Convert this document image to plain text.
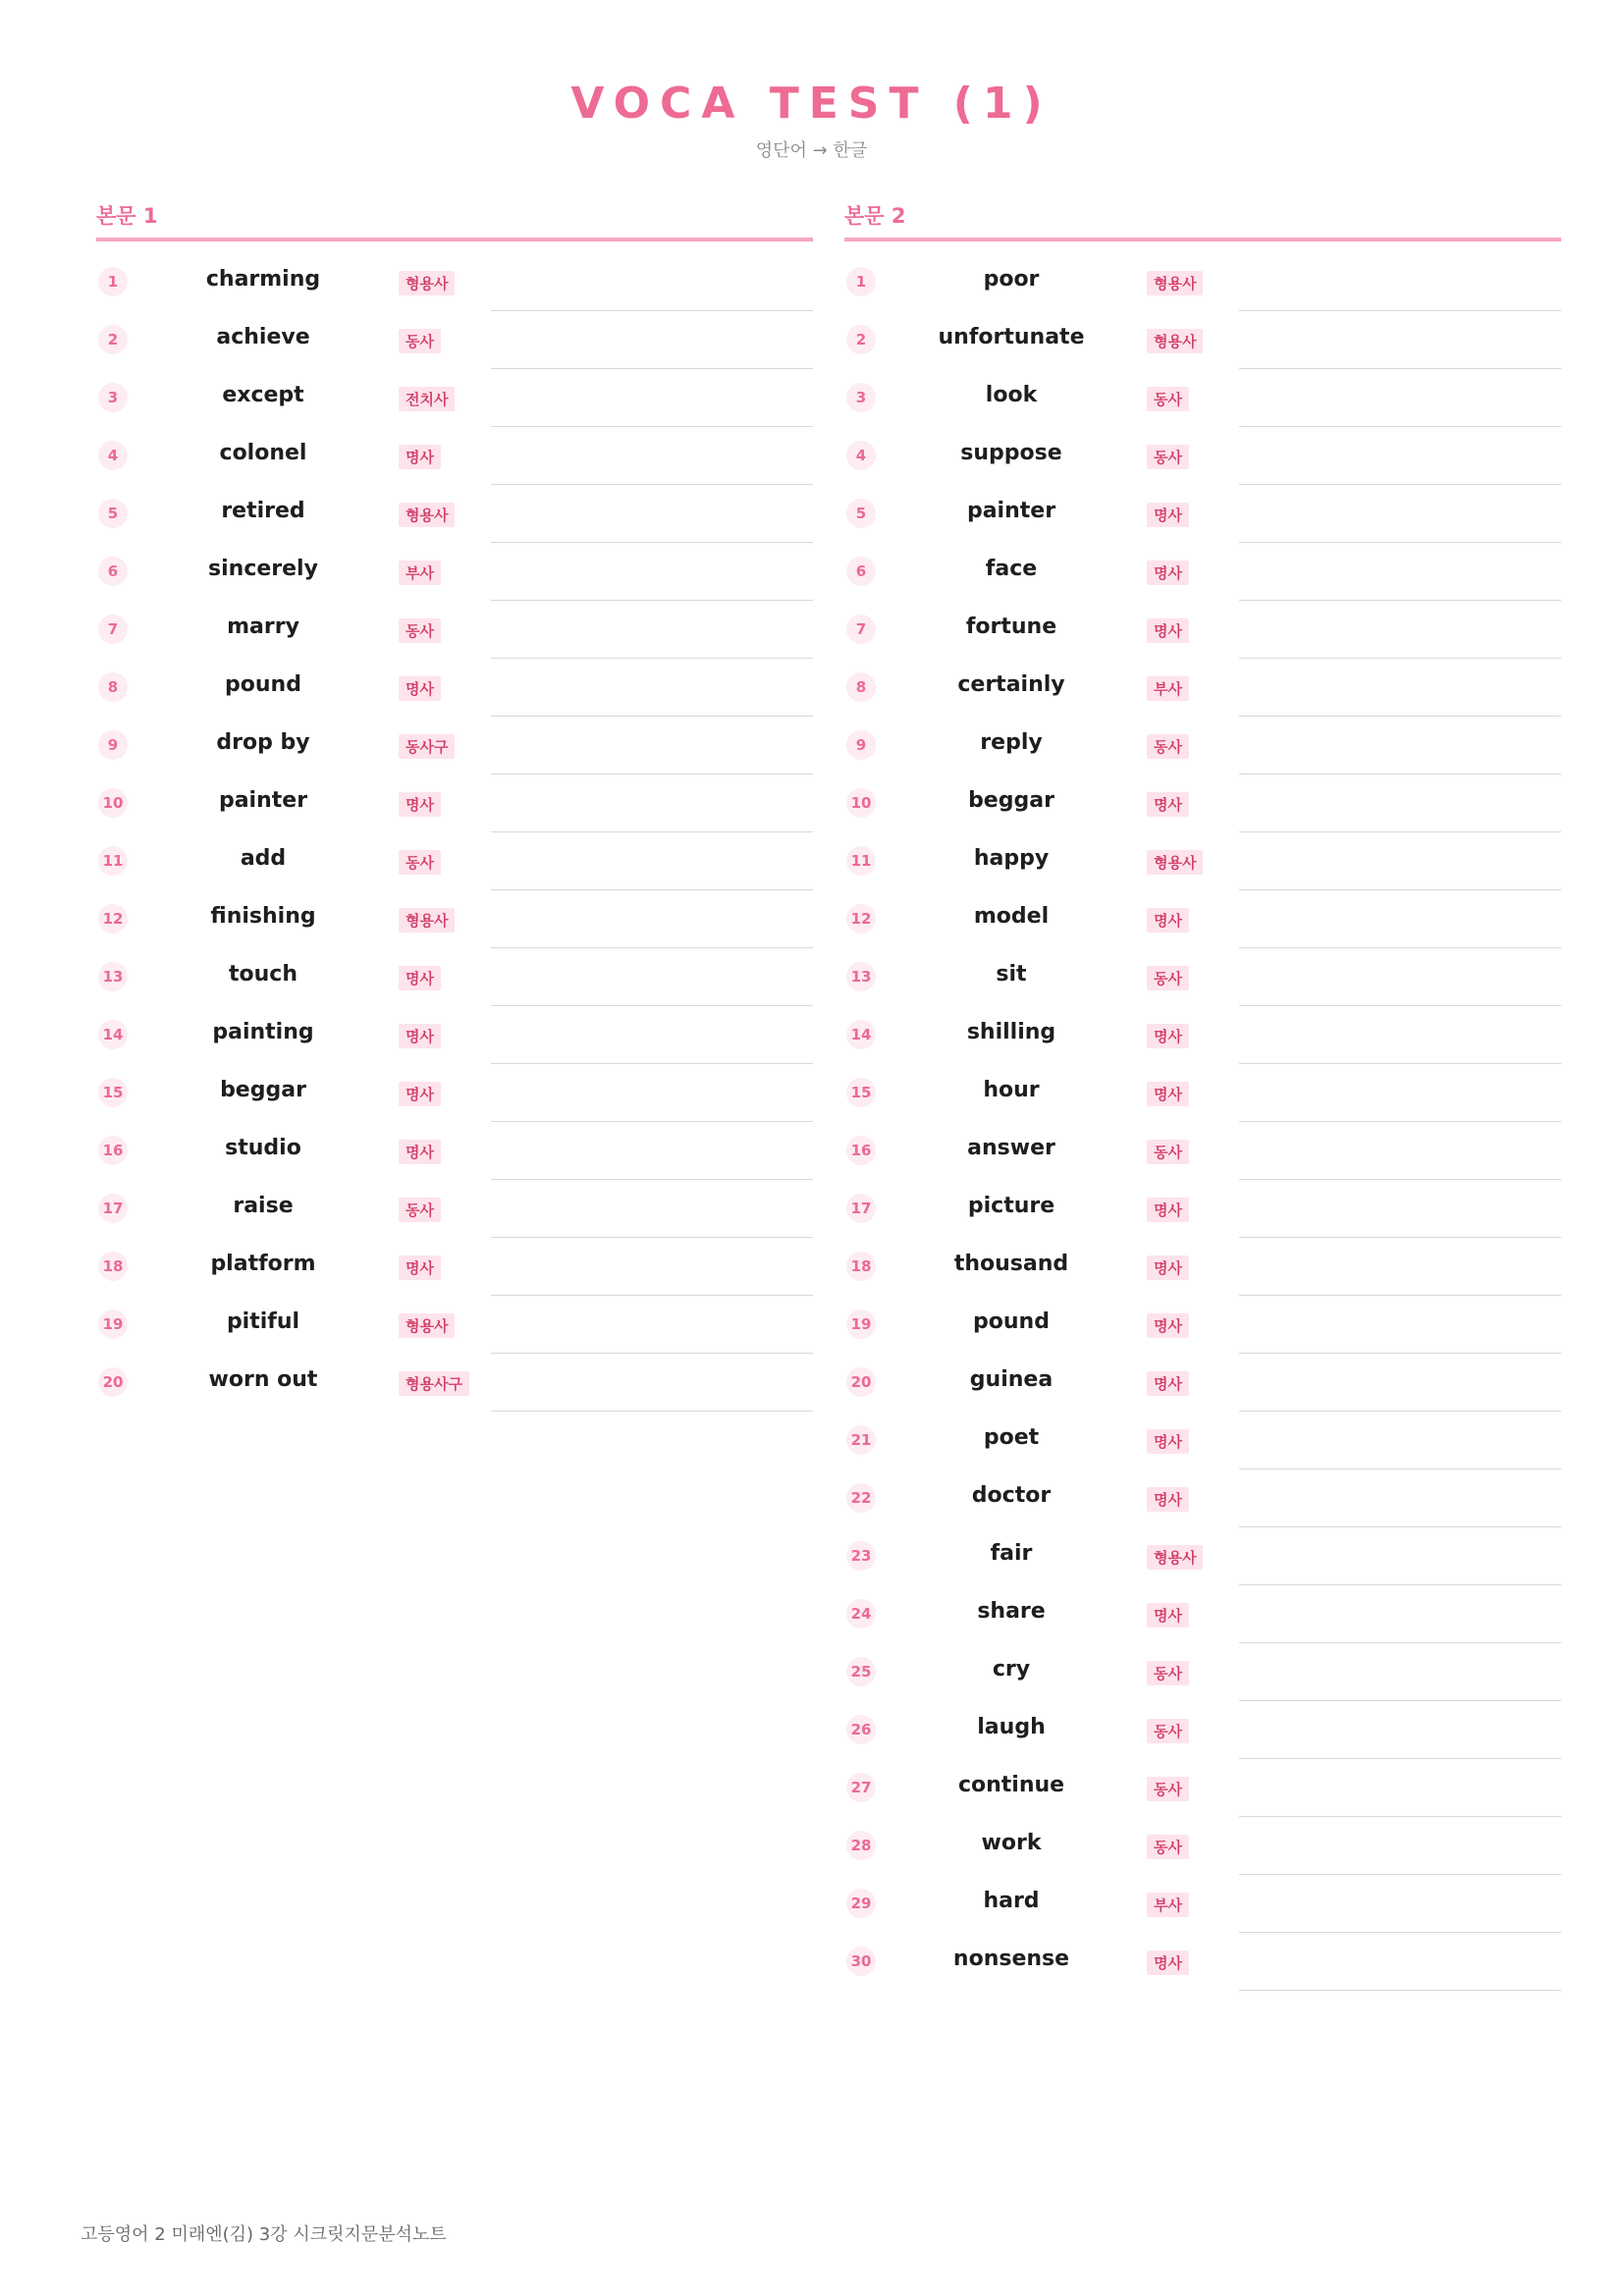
VOCA TEST (1)
영단어 → 한글
본문 1
1	charming	형용사
2	achieve	동사
3	except	전치사
4	colonel	명사
5	retired	형용사
6	sincerely	부사
7	marry	동사
8	pound	명사
9	drop by	동사구
10	painter	명사
11	add	동사
12	finishing	형용사
13	touch	명사
14	painting	명사
15	beggar	명사
16	studio	명사
17	raise	동사
18	platform	명사
19	pitiful	형용사
20	worn out	형용사구
본문 2
1	poor	형용사
2	unfortunate	형용사
3	look	동사
4	suppose	동사
5	painter	명사
6	face	명사
7	fortune	명사
8	certainly	부사
9	reply	동사
10	beggar	명사
11	happy	형용사
12	model	명사
13	sit	동사
14	shilling	명사
15	hour	명사
16	answer	동사
17	picture	명사
18	thousand	명사
19	pound	명사
20	guinea	명사
21	poet	명사
22	doctor	명사
23	fair	형용사
24	share	명사
25	cry	동사
26	laugh	동사
27	continue	동사
28	work	동사
29	hard	부사
30	nonsense	명사
고등영어 2 미래엔(김) 3강 시크릿지문분석노트
